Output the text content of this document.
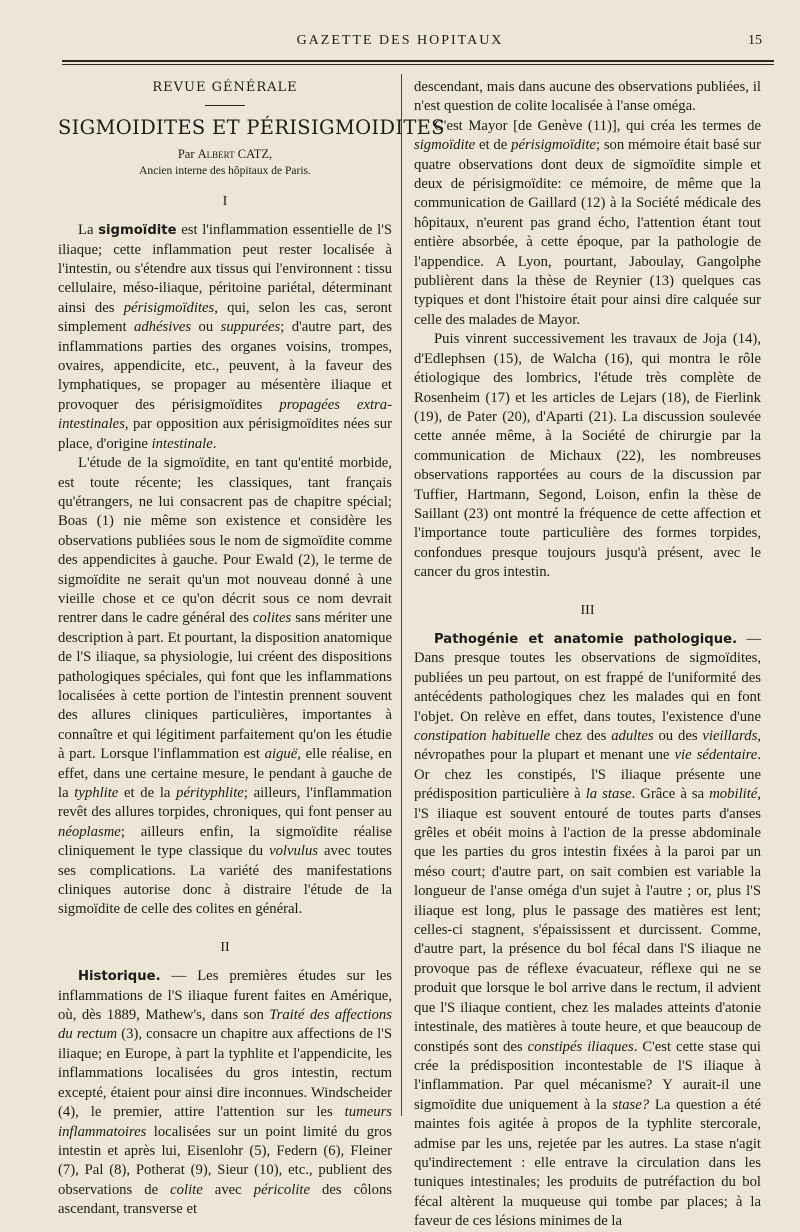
GAZETTE DES HOPITAUX	15
REVUE GÉNÉRALE
SIGMOIDITES ET PÉRISIGMOIDITES
Par Albert CATZ,
Ancien interne des hôpitaux de Paris.
I

La sigmoïdite est l'inflammation essentielle de l'S iliaque; cette inflammation peut rester localisée à l'intestin, ou s'étendre aux tissus qui l'environnent : tissu cellulaire, méso-iliaque, péritoine pariétal, déterminant ainsi des périsigmoïdites, qui, selon les cas, seront simplement adhésives ou suppurées; d'autre part, des inflammations parties des organes voisins, trompes, ovaires, appendicite, etc., peuvent, à la faveur des lymphatiques, se propager au mésentère iliaque et provoquer des périsigmoïdites propagées extra-intestinales, par opposition aux périsigmoïdites nées sur place, d'origine intestinale.

L'étude de la sigmoïdite, en tant qu'entité morbide, est toute récente; les classiques, tant français qu'étrangers, ne lui consacrent pas de chapitre spécial; Boas (1) nie même son existence et considère les observations publiées sous le nom de sigmoïdite comme des appendicites à gauche. Pour Ewald (2), le terme de sigmoïdite ne serait qu'un mot nouveau donné à une vieille chose et ce qu'on décrit sous ce nom devrait rentrer dans le cadre général des colites sans mériter une description à part. Et pourtant, la disposition anatomique de l'S iliaque, sa physiologie, lui créent des dispositions pathologiques spéciales, qui font que les inflammations localisées à cette portion de l'intestin prennent souvent des allures cliniques particulières, importantes à connaître et qui légitiment parfaitement qu'on les étudie à part. Lorsque l'inflammation est aiguë, elle réalise, en effet, dans une certaine mesure, le pendant à gauche de la typhlite et de la pérityphlite; ailleurs, l'inflammation revêt des allures torpides, chroniques, qui font penser au néoplasme; ailleurs enfin, la sigmoïdite réalise cliniquement le type classique du volvulus avec toutes ses complications. La variété des manifestations cliniques autorise donc à distraire l'étude de la sigmoïdite de celle des colites en général.

II

Historique. — Les premières études sur les inflammations de l'S iliaque furent faites en Amérique, où, dès 1889, Mathew's, dans son Traité des affections du rectum (3), consacre un chapitre aux affections de l'S iliaque; en Europe, à part la typhlite et l'appendicite, les inflammations localisées du gros intestin, rectum excepté, étaient pour ainsi dire inconnues. Windscheider (4), le premier, attire l'attention sur les tumeurs inflammatoires localisées sur un point limité du gros intestin et après lui, Eisenlohr (5), Federn (6), Fleiner (7), Pal (8), Potherat (9), Sieur (10), etc., publient des observations de colite avec péricolite des côlons ascendant, transverse et

descendant, mais dans aucune des observations publiées, il n'est question de colite localisée à l'anse oméga.

C'est Mayor [de Genève (11)], qui créa les termes de sigmoïdite et de périsigmoïdite; son mémoire était basé sur quatre observations dont deux de sigmoïdite simple et deux de périsigmoïdite: ce mémoire, de même que la communication de Gaillard (12) à la Société médicale des hôpitaux, n'eurent pas grand écho, l'attention étant tout entière absorbée, à cette époque, par la pathologie de l'appendice. A Lyon, pourtant, Jaboulay, Gangolphe publièrent dans la thèse de Reynier (13) quelques cas typiques et dont l'histoire était pour ainsi dire calquée sur celle des malades de Mayor.

Puis vinrent successivement les travaux de Joja (14), d'Edlephsen (15), de Walcha (16), qui montra le rôle étiologique des lombrics, l'étude très complète de Rosenheim (17) et les articles de Lejars (18), de Fierlink (19), de Pater (20), d'Aparti (21). La discussion soulevée cette année même, à la Société de chirurgie par la communication de Michaux (22), les nombreuses observations rapportées au cours de la discussion par Tuffier, Hartmann, Segond, Loison, enfin la thèse de Saillant (23) ont montré la fréquence de cette affection et l'importance toute particulière des formes torpides, confondues presque toujours jusqu'à présent, avec le cancer du gros intestin.

III

Pathogénie et anatomie pathologique. — Dans presque toutes les observations de sigmoïdites, publiées un peu partout, on est frappé de l'uniformité des antécédents pathologiques chez les malades qui en font l'objet. On relève en effet, dans toutes, l'existence d'une constipation habituelle chez des adultes ou des vieillards, névropathes pour la plupart et menant une vie sédentaire. Or chez les constipés, l'S iliaque présente une prédisposition particulière à la stase. Grâce à sa mobilité, l'S iliaque est souvent entouré de toutes parts d'anses grêles et obéit moins à l'action de la presse abdominale que les parties du gros intestin fixées à la paroi par un méso court; d'autre part, on sait combien est variable la longueur de l'anse oméga d'un sujet à l'autre ; or, plus l'S iliaque est long, plus le passage des matières est lent; celles-ci stagnent, s'épaississent et durcissent. Comme, d'autre part, la présence du bol fécal dans l'S iliaque ne provoque pas de réflexe évacuateur, réflexe qui ne se produit que lorsque le bol arrive dans le rectum, il advient que l'S iliaque contient, chez les malades atteints d'atonie intestinale, des matières à toute heure, et que beaucoup de constipés sont des constipés iliaques. C'est cette stase qui crée la prédisposition incontestable de l'S iliaque à l'inflammation. Par quel mécanisme? Y aurait-il une sigmoïdite due uniquement à la stase? La question a été maintes fois agitée à propos de la typhlite stercorale, admise par les uns, rejetée par les autres. La stase n'agit qu'indirectement : elle entrave la circulation dans les tuniques intestinales; les produits de putréfaction du bol fécal altèrent la muqueuse qui tombe par places; à la faveur de ces lésions minimes de la
